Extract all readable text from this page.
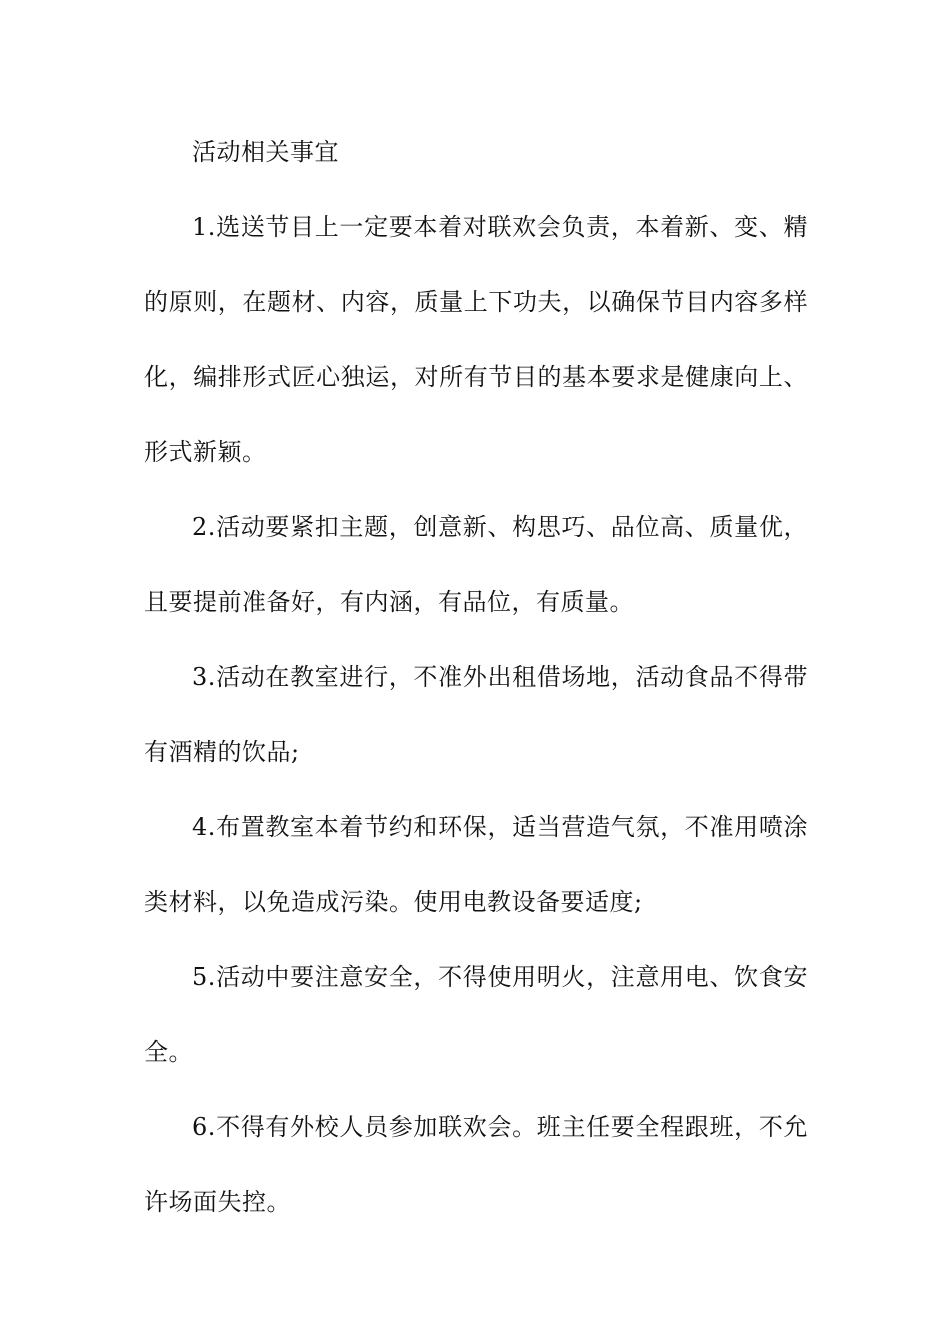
活动相关事宜

1.选送节目上一定要本着对联欢会负责，本着新、变、精的原则，在题材、内容，质量上下功夫，以确保节目内容多样化，编排形式匠心独运，对所有节目的基本要求是健康向上、形式新颖。

2.活动要紧扣主题，创意新、构思巧、品位高、质量优，且要提前准备好，有内涵，有品位，有质量。

3.活动在教室进行，不准外出租借场地，活动食品不得带有酒精的饮品;

4.布置教室本着节约和环保，适当营造气氛，不准用喷涂类材料，以免造成污染。使用电教设备要适度;

5.活动中要注意安全，不得使用明火，注意用电、饮食安全。

6.不得有外校人员参加联欢会。班主任要全程跟班，不允许场面失控。
